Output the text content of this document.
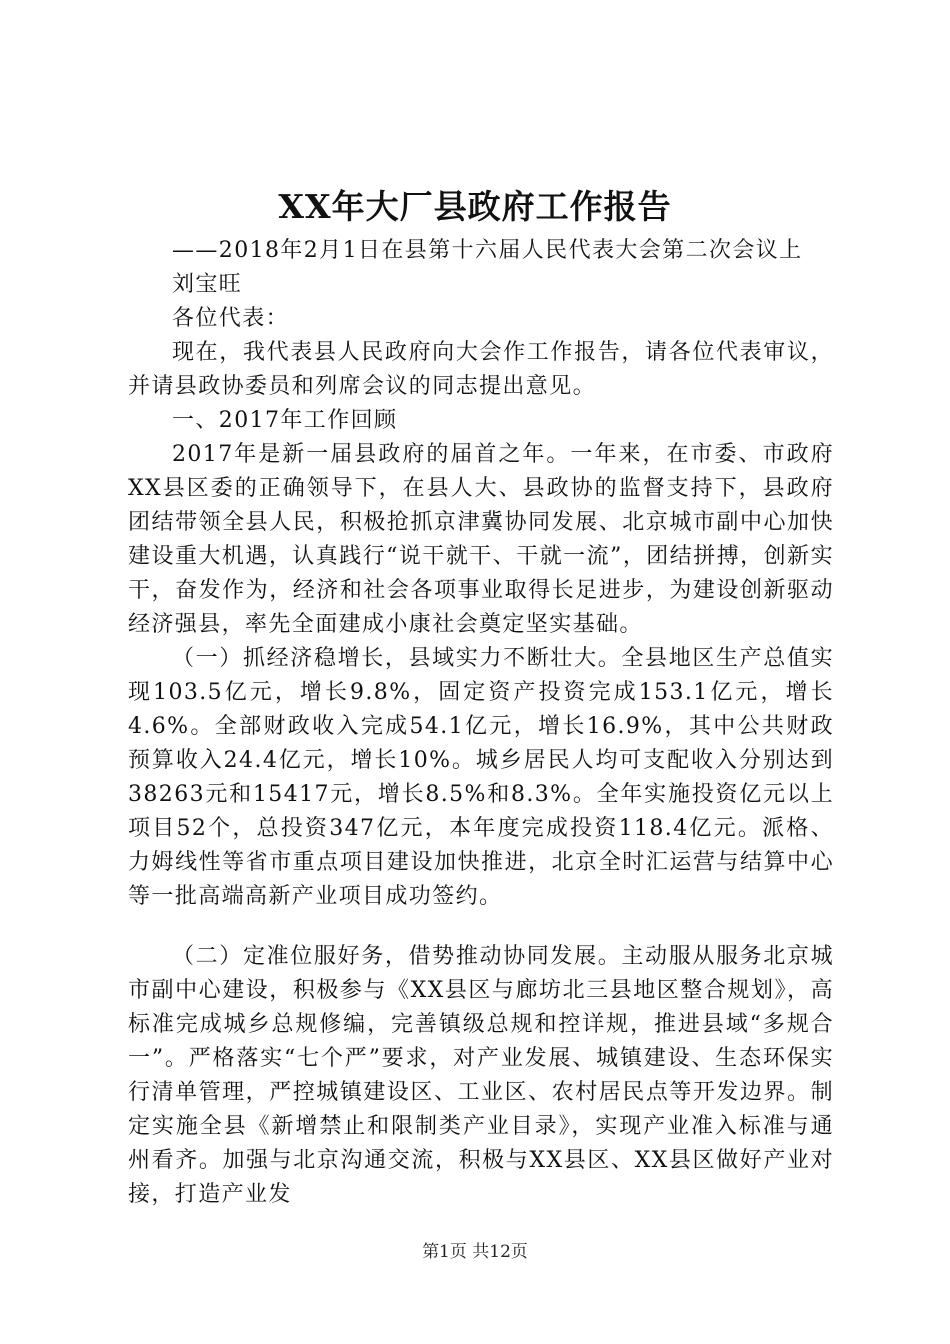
XX年大厂县政府工作报告

——2018年2月1日在县第十六届人民代表大会第二次会议上

刘宝旺

各位代表：

现在，我代表县人民政府向大会作工作报告，请各位代表审议，并请县政协委员和列席会议的同志提出意见。

一、2017年工作回顾

2017年是新一届县政府的届首之年。一年来，在市委、市政府XX县区委的正确领导下，在县人大、县政协的监督支持下，县政府团结带领全县人民，积极抢抓京津冀协同发展、北京城市副中心加快建设重大机遇，认真践行“说干就干、干就一流”，团结拼搏，创新实干，奋发作为，经济和社会各项事业取得长足进步，为建设创新驱动经济强县，率先全面建成小康社会奠定坚实基础。

（一）抓经济稳增长，县域实力不断壮大。全县地区生产总值实现103.5亿元，增长9.8%，固定资产投资完成153.1亿元，增长4.6%。全部财政收入完成54.1亿元，增长16.9%，其中公共财政预算收入24.4亿元，增长10%。城乡居民人均可支配收入分别达到38263元和15417元，增长8.5%和8.3%。全年实施投资亿元以上项目52个，总投资347亿元，本年度完成投资118.4亿元。派格、力姆线性等省市重点项目建设加快推进，北京全时汇运营与结算中心等一批高端高新产业项目成功签约。

（二）定准位服好务，借势推动协同发展。主动服从服务北京城市副中心建设，积极参与《XX县区与廊坊北三县地区整合规划》，高标准完成城乡总规修编，完善镇级总规和控详规，推进县域“多规合一”。严格落实“七个严”要求，对产业发展、城镇建设、生态环保实行清单管理，严控城镇建设区、工业区、农村居民点等开发边界。制定实施全县《新增禁止和限制类产业目录》，实现产业准入标准与通州看齐。加强与北京沟通交流，积极与XX县区、XX县区做好产业对接，打造产业发

第1页 共12页
